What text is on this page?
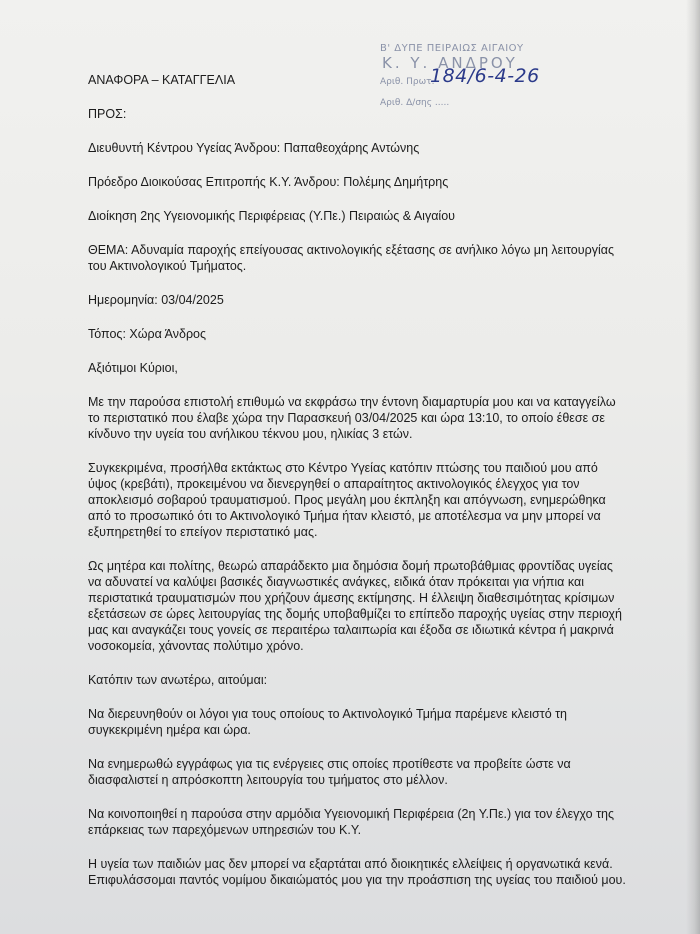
Β' ΔΥΠΕ ΠΕΙΡΑΙΩΣ ΑΙΓΑΙΟΥ
Κ. Υ. ΑΝΔΡΟΥ
Αριθ. Πρωτ.
184/6-4-26
Αριθ. Δ/σης .....

ΑΝΑΦΟΡΑ – ΚΑΤΑΓΓΕΛΙΑ

ΠΡΟΣ:

Διευθυντή Κέντρου Υγείας Άνδρου: Παπαθεοχάρης Αντώνης

Πρόεδρο Διοικούσας Επιτροπής Κ.Υ. Άνδρου: Πολέμης Δημήτρης

Διοίκηση 2ης Υγειονομικής Περιφέρειας (Υ.Πε.) Πειραιώς & Αιγαίου

ΘΕΜΑ: Αδυναμία παροχής επείγουσας ακτινολογικής εξέτασης σε ανήλικο λόγω μη λειτουργίας του Ακτινολογικού Τμήματος.

Ημερομηνία: 03/04/2025

Τόπος: Χώρα Άνδρος

Αξιότιμοι Κύριοι,

Με την παρούσα επιστολή επιθυμώ να εκφράσω την έντονη διαμαρτυρία μου και να καταγγείλω το περιστατικό που έλαβε χώρα την Παρασκευή 03/04/2025 και ώρα 13:10, το οποίο έθεσε σε κίνδυνο την υγεία του ανήλικου τέκνου μου, ηλικίας 3 ετών.

Συγκεκριμένα, προσήλθα εκτάκτως στο Κέντρο Υγείας κατόπιν πτώσης του παιδιού μου από ύψος (κρεβάτι), προκειμένου να διενεργηθεί ο απαραίτητος ακτινολογικός έλεγχος για τον αποκλεισμό σοβαρού τραυματισμού. Προς μεγάλη μου έκπληξη και απόγνωση, ενημερώθηκα από το προσωπικό ότι το Ακτινολογικό Τμήμα ήταν κλειστό, με αποτέλεσμα να μην μπορεί να εξυπηρετηθεί το επείγον περιστατικό μας.

Ως μητέρα και πολίτης, θεωρώ απαράδεκτο μια δημόσια δομή πρωτοβάθμιας φροντίδας υγείας να αδυνατεί να καλύψει βασικές διαγνωστικές ανάγκες, ειδικά όταν πρόκειται για νήπια και περιστατικά τραυματισμών που χρήζουν άμεσης εκτίμησης. Η έλλειψη διαθεσιμότητας κρίσιμων εξετάσεων σε ώρες λειτουργίας της δομής υποβαθμίζει το επίπεδο παροχής υγείας στην περιοχή μας και αναγκάζει τους γονείς σε περαιτέρω ταλαιπωρία και έξοδα σε ιδιωτικά κέντρα ή μακρινά νοσοκομεία, χάνοντας πολύτιμο χρόνο.

Κατόπιν των ανωτέρω, αιτούμαι:

Να διερευνηθούν οι λόγοι για τους οποίους το Ακτινολογικό Τμήμα παρέμενε κλειστό τη συγκεκριμένη ημέρα και ώρα.

Να ενημερωθώ εγγράφως για τις ενέργειες στις οποίες προτίθεστε να προβείτε ώστε να διασφαλιστεί η απρόσκοπτη λειτουργία του τμήματος στο μέλλον.

Να κοινοποιηθεί η παρούσα στην αρμόδια Υγειονομική Περιφέρεια (2η Υ.Πε.) για τον έλεγχο της επάρκειας των παρεχόμενων υπηρεσιών του Κ.Υ.

Η υγεία των παιδιών μας δεν μπορεί να εξαρτάται από διοικητικές ελλείψεις ή οργανωτικά κενά. Επιφυλάσσομαι παντός νομίμου δικαιώματός μου για την προάσπιση της υγείας του παιδιού μου.
